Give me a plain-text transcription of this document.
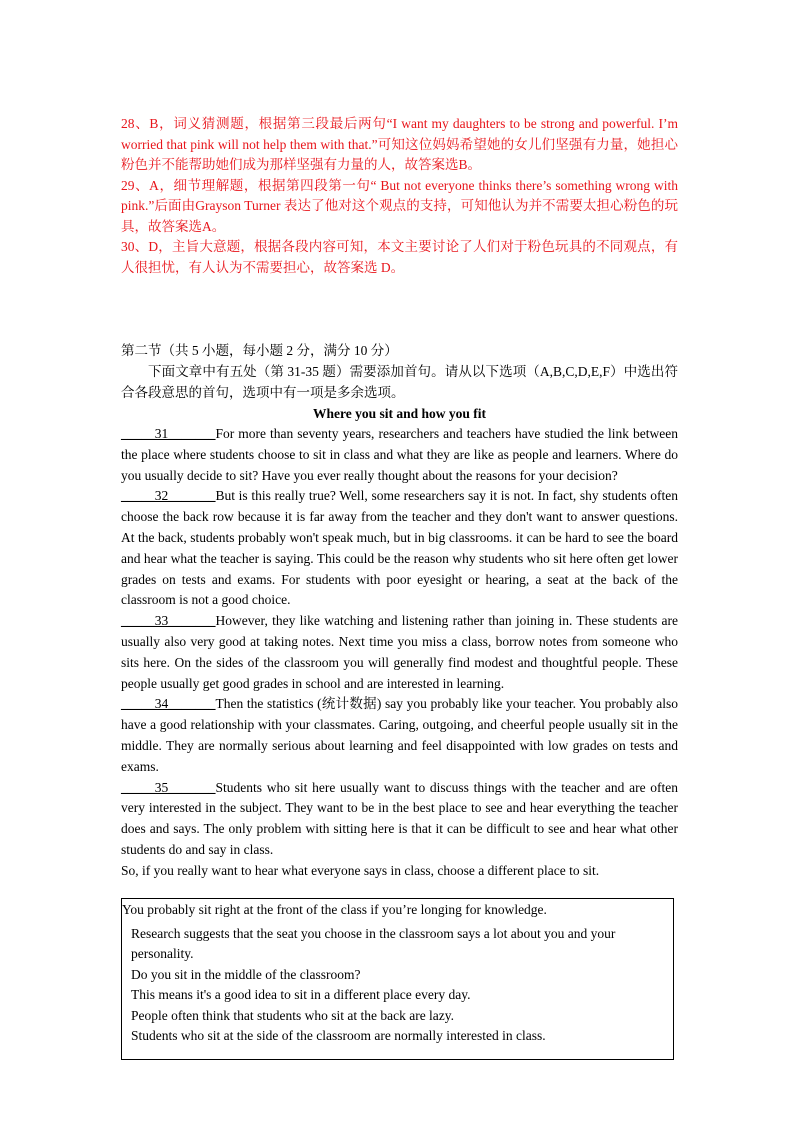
28、B，词义猜测题，根据第三段最后两句“I want my daughters to be strong and powerful. I’m worried that pink will not help them with that.”可知这位妈妈希望她的女儿们坚强有力量，她担心粉色并不能帮助她们成为那样坚强有力量的人，故答案选B。

29、A，细节理解题，根据第四段第一句“ But not everyone thinks there’s something wrong with pink.”后面由Grayson Turner 表达了他对这个观点的支持，可知他认为并不需要太担心粉色的玩具，故答案选A。

30、D，主旨大意题，根据各段内容可知，本文主要讨论了人们对于粉色玩具的不同观点，有人很担忧，有人认为不需要担心，故答案选 D。

第二节（共 5 小题，每小题 2 分，满分 10 分）

下面文章中有五处（第 31-35 题）需要添加首句。请从以下选项（A,B,C,D,E,F）中选出符合各段意思的首句，选项中有一项是多余选项。

Where you sit and how you fit

_____31_______For more than seventy years, researchers and teachers have studied the link between the place where students choose to sit in class and what they are like as people and learners. Where do you usually decide to sit? Have you ever really thought about the reasons for your decision?

_____32_______But is this really true? Well, some researchers say it is not. In fact, shy students often choose the back row because it is far away from the teacher and they don't want to answer questions. At the back, students probably won't speak much, but in big classrooms. it can be hard to see the board and hear what the teacher is saying. This could be the reason why students who sit here often get lower grades on tests and exams. For students with poor eyesight or hearing, a seat at the back of the classroom is not a good choice.

_____33_______However, they like watching and listening rather than joining in. These students are usually also very good at taking notes. Next time you miss a class, borrow notes from someone who sits here. On the sides of the classroom you will generally find modest and thoughtful people. These people usually get good grades in school and are interested in learning.

_____34_______Then the statistics (统计数据) say you probably like your teacher. You probably also have a good relationship with your classmates. Caring, outgoing, and cheerful people usually sit in the middle. They are normally serious about learning and feel disappointed with low grades on tests and exams.

_____35_______Students who sit here usually want to discuss things with the teacher and are often very interested in the subject. They want to be in the best place to see and hear everything the teacher does and says. The only problem with sitting here is that it can be difficult to see and hear what other students do and say in class.

So, if you really want to hear what everyone says in class, choose a different place to sit.

You probably sit right at the front of the class if you’re longing for knowledge.
Research suggests that the seat you choose in the classroom says a lot about you and your personality.
Do you sit in the middle of the classroom?
This means it's a good idea to sit in a different place every day.
People often think that students who sit at the back are lazy.
Students who sit at the side of the classroom are normally interested in class.
